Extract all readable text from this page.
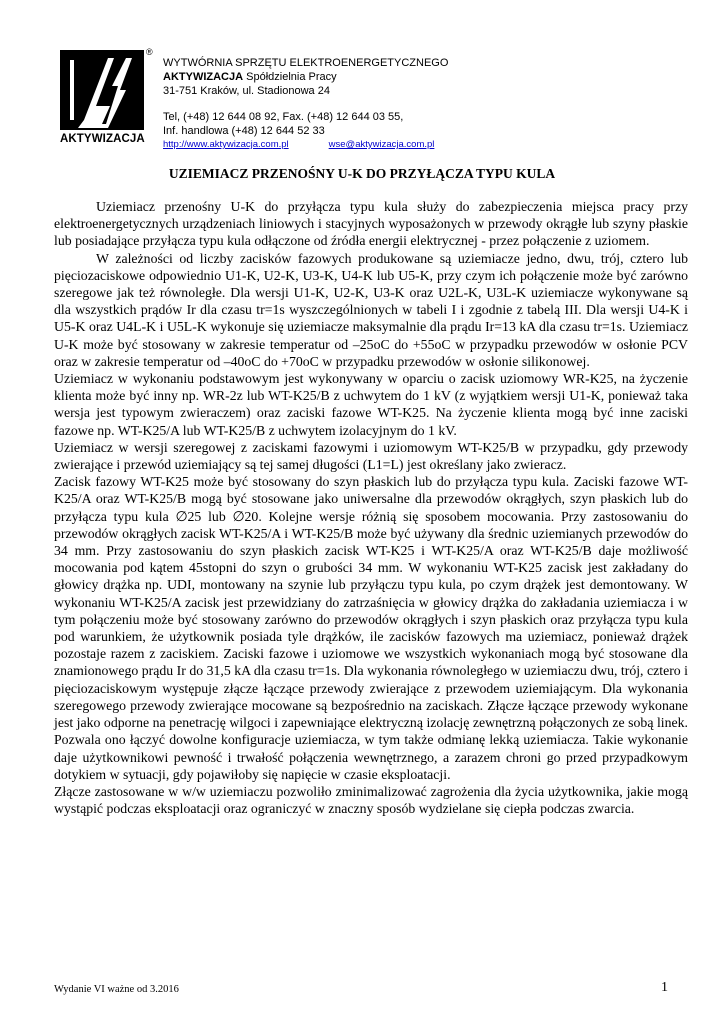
®
AKTYWIZACJA
WYTWÓRNIA SPRZĘTU ELEKTROENERGETYCZNEGO
AKTYWIZACJA Spółdzielnia Pracy
31-751 Kraków, ul. Stadionowa 24
Tel, (+48) 12 644 08 92, Fax. (+48) 12 644 03 55,
Inf. handlowa (+48) 12 644 52 33
http://www.aktywizacja.com.pl	wse@aktywizacja.com.pl
UZIEMIACZ PRZENOŚNY U-K DO PRZYŁĄCZA TYPU KULA

Uziemiacz przenośny U-K do przyłącza typu kula służy do zabezpieczenia miejsca pracy przy elektroenergetycznych urządzeniach liniowych i stacyjnych wyposażonych w przewody okrągłe lub szyny płaskie lub posiadające przyłącza typu kula odłączone od źródła energii elektrycznej - przez połączenie z uziomem.

W zależności od liczby zacisków fazowych produkowane są uziemiacze jedno, dwu, trój, cztero lub pięciozaciskowe odpowiednio U1-K, U2-K, U3-K, U4-K lub U5-K, przy czym ich połączenie może być zarówno szeregowe jak też równoległe. Dla wersji U1-K, U2-K, U3-K oraz U2L-K, U3L-K uziemiacze wykonywane są dla wszystkich prądów Ir dla czasu tr=1s wyszczególnionych w tabeli I i zgodnie z tabelą III. Dla wersji U4-K i U5-K oraz U4L-K i U5L-K wykonuje się uziemiacze maksymalnie dla prądu Ir=13 kA dla czasu tr=1s. Uziemiacz U-K może być stosowany w zakresie temperatur od –25oC do +55oC w przypadku przewodów w osłonie PCV oraz w zakresie temperatur od –40oC do +70oC w przypadku przewodów w osłonie silikonowej.

Uziemiacz w wykonaniu podstawowym jest wykonywany w oparciu o zacisk uziomowy WR-K25, na życzenie klienta może być inny np. WR-2z lub WT-K25/B z uchwytem do 1 kV (z wyjątkiem wersji U1-K, ponieważ taka wersja jest typowym zwieraczem) oraz zaciski fazowe WT-K25. Na życzenie klienta mogą być inne zaciski fazowe np. WT-K25/A lub WT-K25/B z uchwytem izolacyjnym do 1 kV.

Uziemiacz w wersji szeregowej z zaciskami fazowymi i uziomowym WT-K25/B w przypadku, gdy przewody zwierające i przewód uziemiający są tej samej długości (L1=L) jest określany jako zwieracz.

Zacisk fazowy WT-K25 może być stosowany do szyn płaskich lub do przyłącza typu kula. Zaciski fazowe WT-K25/A oraz WT-K25/B mogą być stosowane jako uniwersalne dla przewodów okrągłych, szyn płaskich lub do przyłącza typu kula ∅25 lub ∅20. Kolejne wersje różnią się sposobem mocowania. Przy zastosowaniu do przewodów okrągłych zacisk WT-K25/A i WT-K25/B może być używany dla średnic uziemianych przewodów do 34 mm. Przy zastosowaniu do szyn płaskich zacisk WT-K25 i WT-K25/A oraz WT-K25/B daje możliwość mocowania pod kątem 45stopni do szyn o grubości 34 mm. W wykonaniu WT-K25 zacisk jest zakładany do głowicy drążka np. UDI, montowany na szynie lub przyłączu typu kula, po czym drążek jest demontowany. W wykonaniu WT-K25/A zacisk jest przewidziany do zatrzaśnięcia w głowicy drążka do zakładania uziemiacza i w tym połączeniu może być stosowany zarówno do przewodów okrągłych i szyn płaskich oraz przyłącza typu kula pod warunkiem, że użytkownik posiada tyle drążków, ile zacisków fazowych ma uziemiacz, ponieważ drążek pozostaje razem z zaciskiem. Zaciski fazowe i uziomowe we wszystkich wykonaniach mogą być stosowane dla znamionowego prądu Ir do 31,5 kA dla czasu tr=1s. Dla wykonania równoległego w uziemiaczu dwu, trój, cztero i pięciozaciskowym występuje złącze łączące przewody zwierające z przewodem uziemiającym. Dla wykonania szeregowego przewody zwierające mocowane są bezpośrednio na zaciskach. Złącze łączące przewody wykonane jest jako odporne na penetrację wilgoci i zapewniające elektryczną izolację zewnętrzną połączonych ze sobą linek. Pozwala ono łączyć dowolne konfiguracje uziemiacza, w tym także odmianę lekką uziemiacza. Takie wykonanie daje użytkownikowi pewność i trwałość połączenia wewnętrznego, a zarazem chroni go przed przypadkowym dotykiem w sytuacji, gdy pojawiłoby się napięcie w czasie eksploatacji.

Złącze zastosowane w w/w uziemiaczu pozwoliło zminimalizować zagrożenia dla życia użytkownika, jakie mogą wystąpić podczas eksploatacji oraz ograniczyć w znaczny sposób wydzielane się ciepła podczas zwarcia.

Wydanie VI ważne od 3.2016	1
